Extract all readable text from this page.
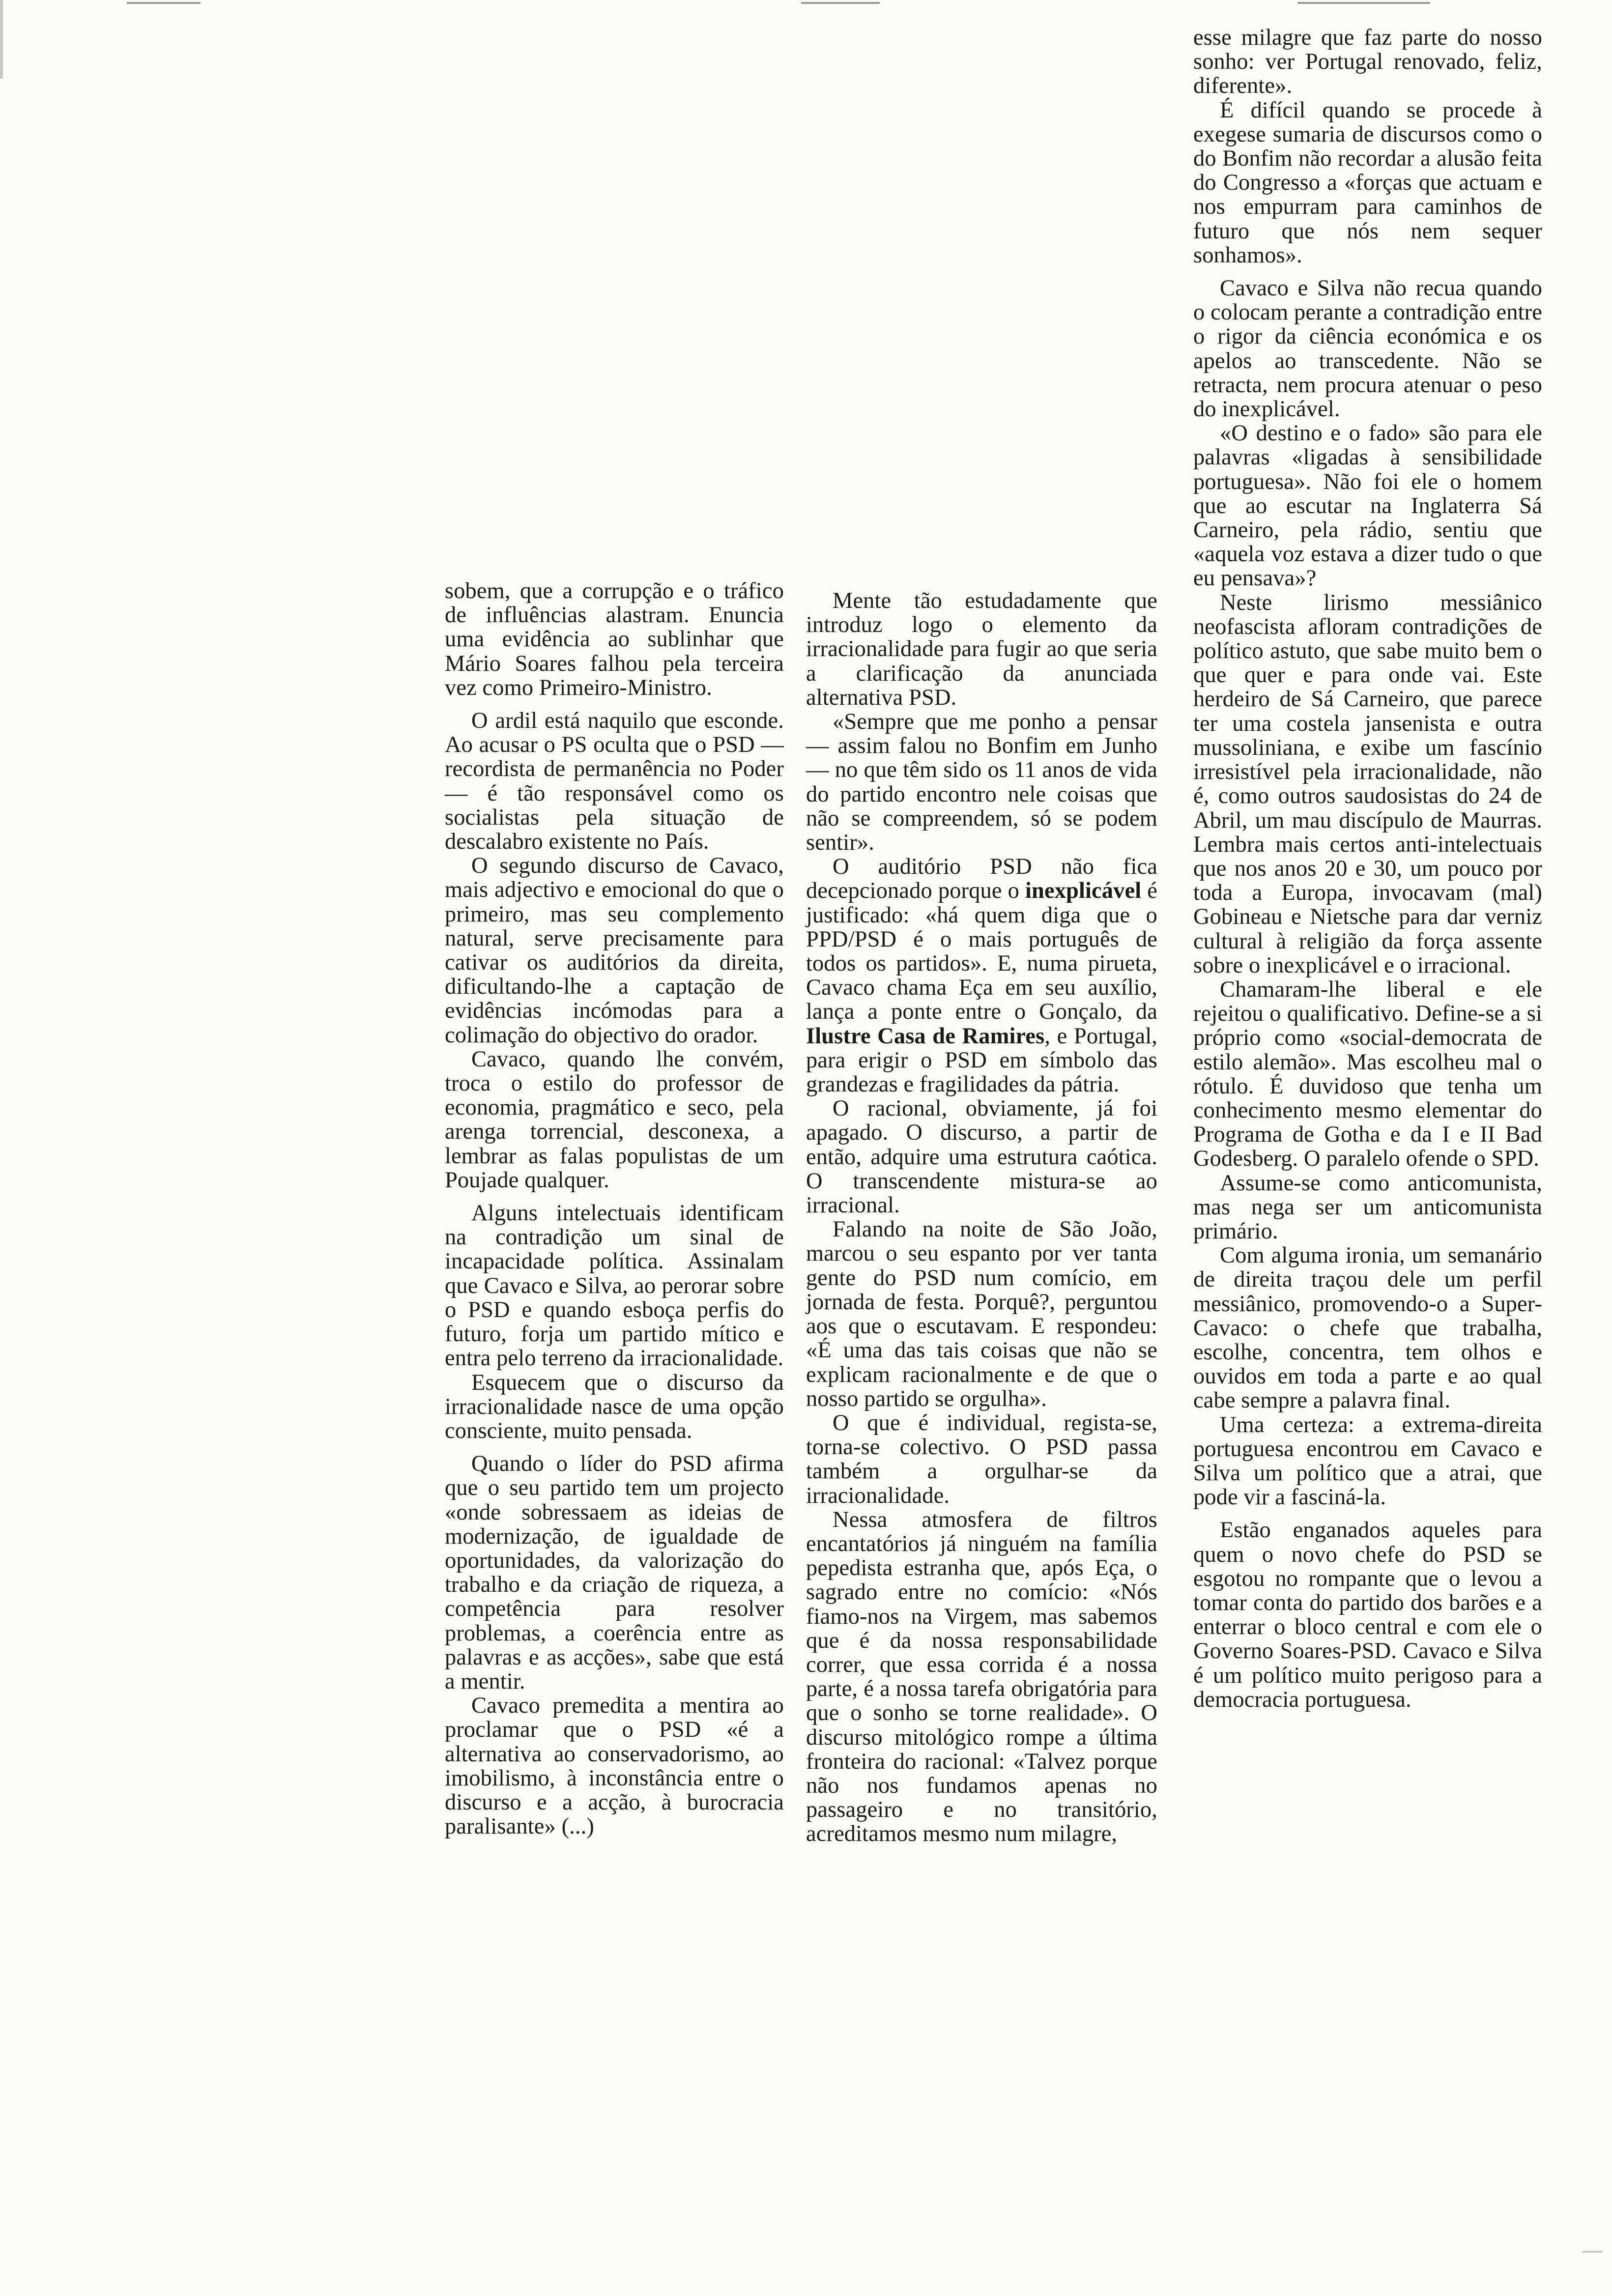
sobem, que a corrupção e o tráfico de influências alastram. Enuncia uma evidência ao sublinhar que Mário Soares falhou pela terceira vez como Primeiro-Ministro.

O ardil está naquilo que esconde. Ao acusar o PS oculta que o PSD — recordista de permanência no Poder — é tão responsável como os socialistas pela situação de descalabro existente no País.

O segundo discurso de Cavaco, mais adjectivo e emocional do que o primeiro, mas seu complemento natural, serve precisamente para cativar os auditórios da direita, dificultando-lhe a captação de evidências incómodas para a colimação do objectivo do orador.

Cavaco, quando lhe convém, troca o estilo do professor de economia, pragmático e seco, pela arenga torrencial, desconexa, a lembrar as falas populistas de um Poujade qualquer.

Alguns intelectuais identificam na contradição um sinal de incapacidade política. Assinalam que Cavaco e Silva, ao perorar sobre o PSD e quando esboça perfis do futuro, forja um partido mítico e entra pelo terreno da irracionalidade.

Esquecem que o discurso da irracionalidade nasce de uma opção consciente, muito pensada.

Quando o líder do PSD afirma que o seu partido tem um projecto «onde sobressaem as ideias de modernização, de igualdade de oportunidades, da valorização do trabalho e da criação de riqueza, a competência para resolver problemas, a coerência entre as palavras e as acções», sabe que está a mentir.

Cavaco premedita a mentira ao proclamar que o PSD «é a alternativa ao conservadorismo, ao imobilismo, à inconstância entre o discurso e a acção, à burocracia paralisante» (...)

Mente tão estudadamente que introduz logo o elemento da irracionalidade para fugir ao que seria a clarificação da anunciada alternativa PSD.

«Sempre que me ponho a pensar — assim falou no Bonfim em Junho — no que têm sido os 11 anos de vida do partido encontro nele coisas que não se compreendem, só se podem sentir».

O auditório PSD não fica decepcionado porque o inexplicável é justificado: «há quem diga que o PPD/PSD é o mais português de todos os partidos». E, numa pirueta, Cavaco chama Eça em seu auxílio, lança a ponte entre o Gonçalo, da Ilustre Casa de Ramires, e Portugal, para erigir o PSD em símbolo das grandezas e fragilidades da pátria.

O racional, obviamente, já foi apagado. O discurso, a partir de então, adquire uma estrutura caótica. O transcendente mistura-se ao irracional.

Falando na noite de São João, marcou o seu espanto por ver tanta gente do PSD num comício, em jornada de festa. Porquê?, perguntou aos que o escutavam. E respondeu: «É uma das tais coisas que não se explicam racionalmente e de que o nosso partido se orgulha».

O que é individual, regista-se, torna-se colectivo. O PSD passa também a orgulhar-se da irracionalidade.

Nessa atmosfera de filtros encantatórios já ninguém na família pepedista estranha que, após Eça, o sagrado entre no comício: «Nós fiamo-nos na Virgem, mas sabemos que é da nossa responsabilidade correr, que essa corrida é a nossa parte, é a nossa tarefa obrigatória para que o sonho se torne realidade». O discurso mitológico rompe a última fronteira do racional: «Talvez porque não nos fundamos apenas no passageiro e no transitório, acreditamos mesmo num milagre,

esse milagre que faz parte do nosso sonho: ver Portugal renovado, feliz, diferente».

É difícil quando se procede à exegese sumaria de discursos como o do Bonfim não recordar a alusão feita do Congresso a «forças que actuam e nos empurram para caminhos de futuro que nós nem sequer sonhamos».

Cavaco e Silva não recua quando o colocam perante a contradição entre o rigor da ciência económica e os apelos ao transcedente. Não se retracta, nem procura atenuar o peso do inexplicável.

«O destino e o fado» são para ele palavras «ligadas à sensibilidade portuguesa». Não foi ele o homem que ao escutar na Inglaterra Sá Carneiro, pela rádio, sentiu que «aquela voz estava a dizer tudo o que eu pensava»?

Neste lirismo messiânico neofascista afloram contradições de político astuto, que sabe muito bem o que quer e para onde vai. Este herdeiro de Sá Carneiro, que parece ter uma costela jansenista e outra mussoliniana, e exibe um fascínio irresistível pela irracionalidade, não é, como outros saudosistas do 24 de Abril, um mau discípulo de Maurras. Lembra mais certos anti-intelectuais que nos anos 20 e 30, um pouco por toda a Europa, invocavam (mal) Gobineau e Nietsche para dar verniz cultural à religião da força assente sobre o inexplicável e o irracional.

Chamaram-lhe liberal e ele rejeitou o qualificativo. Define-se a si próprio como «social-democrata de estilo alemão». Mas escolheu mal o rótulo. É duvidoso que tenha um conhecimento mesmo elementar do Programa de Gotha e da I e II Bad Godesberg. O paralelo ofende o SPD.

Assume-se como anticomunista, mas nega ser um anticomunista primário.

Com alguma ironia, um semanário de direita traçou dele um perfil messiânico, promovendo-o a Super-Cavaco: o chefe que trabalha, escolhe, concentra, tem olhos e ouvidos em toda a parte e ao qual cabe sempre a palavra final.

Uma certeza: a extrema-direita portuguesa encontrou em Cavaco e Silva um político que a atrai, que pode vir a fasciná-la.

Estão enganados aqueles para quem o novo chefe do PSD se esgotou no rompante que o levou a tomar conta do partido dos barões e a enterrar o bloco central e com ele o Governo Soares-PSD. Cavaco e Silva é um político muito perigoso para a democracia portuguesa.
